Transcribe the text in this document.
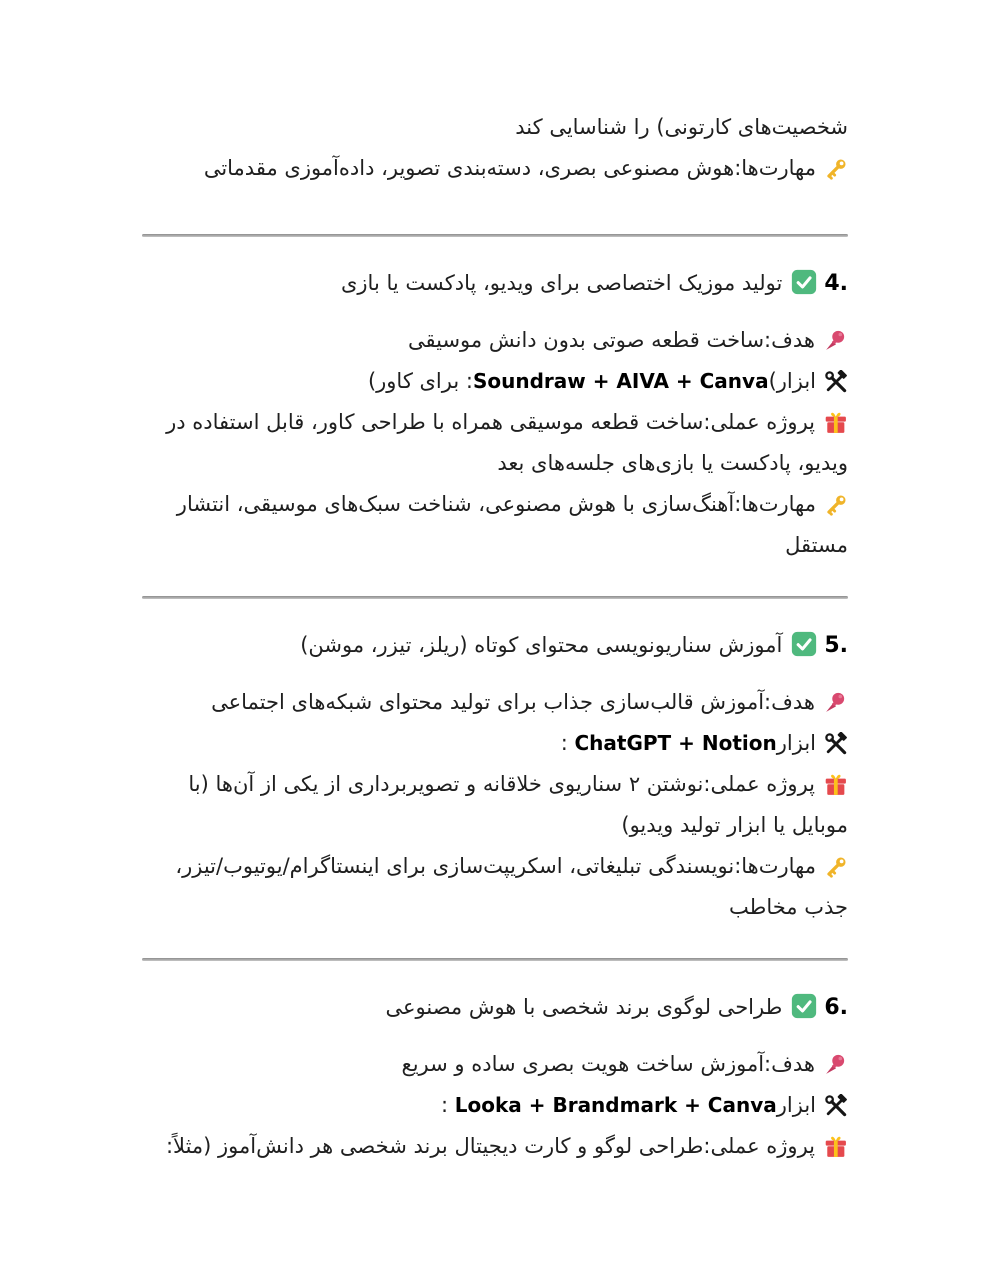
شخصیت‌های کارتونی) را شناسایی کند

مهارت‌ها:هوش مصنوعی بصری، دسته‌بندی تصویر، داده‌آموزی مقدماتی

4.
تولید موزیک اختصاصی برای ویدیو، پادکست یا بازی

هدف:ساخت قطعه صوتی بدون دانش موسیقی

ابزار)Soundraw + AIVA + Canva: برای کاور)

پروژه عملی:ساخت قطعه موسیقی همراه با طراحی کاور، قابل استفاده در ویدیو، پادکست یا بازی‌های جلسه‌های بعد

مهارت‌ها:آهنگ‌سازی با هوش مصنوعی، شناخت سبک‌های موسیقی، انتشار مستقل

5.
آموزش سناریونویسی محتوای کوتاه (ریلز، تیزر، موشن)

هدف:آموزش قالب‌سازی جذاب برای تولید محتوای شبکه‌های اجتماعی

ابزارChatGPT + Notion :

پروژه عملی:نوشتن ۲ سناریوی خلاقانه و تصویربرداری از یکی از آن‌ها (با موبایل یا ابزار تولید ویدیو)

مهارت‌ها:نویسندگی تبلیغاتی، اسکریپت‌سازی برای اینستاگرام/یوتیوب/تیزر، جذب مخاطب

6.
طراحی لوگوی برند شخصی با هوش مصنوعی

هدف:آموزش ساخت هویت بصری ساده و سریع

ابزارLooka + Brandmark + Canva :

پروژه عملی:طراحی لوگو و کارت دیجیتال برند شخصی هر دانش‌آموز (مثلاً:
